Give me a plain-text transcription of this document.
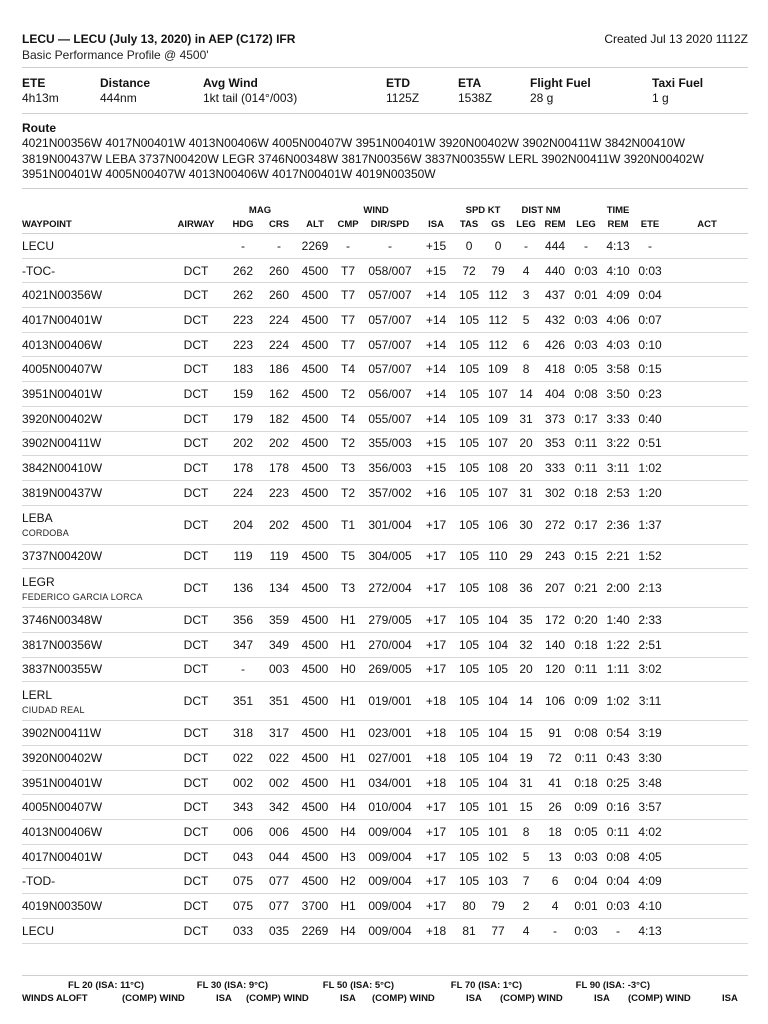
LECU — LECU (July 13, 2020) in AEP (C172) IFR	Created Jul 13 2020 1112Z
Basic Performance Profile @ 4500'
ETE
4h13m
Distance
444nm
Avg Wind
1kt tail (014°/003)
ETD
1125Z
ETA
1538Z
Flight Fuel
28 g
Taxi Fuel
1 g
Route
4021N00356W 4017N00401W 4013N00406W 4005N00407W 3951N00401W 3920N00402W 3902N00411W 3842N00410W 3819N00437W LEBA 3737N00420W LEGR 3746N00348W 3817N00356W 3837N00355W LERL 3902N00411W 3920N00402W 3951N00401W 4005N00407W 4013N00406W 4017N00401W 4019N00350W
		MAG			WIND			SPD KT		DIST NM		TIME			
WAYPOINT	AIRWAY	HDG	CRS	ALT	CMP	DIR/SPD	ISA	TAS	GS	LEG	REM	LEG	REM	ETE	ACT

LECU		-	-	2269	-	-	+15	0	0	-	444	-	4:13	-	

-TOC-	DCT	262	260	4500	T7	058/007	+15	72	79	4	440	0:03	4:10	0:03	

4021N00356W	DCT	262	260	4500	T7	057/007	+14	105	112	3	437	0:01	4:09	0:04	

4017N00401W	DCT	223	224	4500	T7	057/007	+14	105	112	5	432	0:03	4:06	0:07	

4013N00406W	DCT	223	224	4500	T7	057/007	+14	105	112	6	426	0:03	4:03	0:10	

4005N00407W	DCT	183	186	4500	T4	057/007	+14	105	109	8	418	0:05	3:58	0:15	

3951N00401W	DCT	159	162	4500	T2	056/007	+14	105	107	14	404	0:08	3:50	0:23	

3920N00402W	DCT	179	182	4500	T4	055/007	+14	105	109	31	373	0:17	3:33	0:40	

3902N00411W	DCT	202	202	4500	T2	355/003	+15	105	107	20	353	0:11	3:22	0:51	

3842N00410W	DCT	178	178	4500	T3	356/003	+15	105	108	20	333	0:11	3:11	1:02	

3819N00437W	DCT	224	223	4500	T2	357/002	+16	105	107	31	302	0:18	2:53	1:20	

LEBA
CORDOBA	DCT	204	202	4500	T1	301/004	+17	105	106	30	272	0:17	2:36	1:37	

3737N00420W	DCT	119	119	4500	T5	304/005	+17	105	110	29	243	0:15	2:21	1:52	

LEGR
FEDERICO GARCIA LORCA	DCT	136	134	4500	T3	272/004	+17	105	108	36	207	0:21	2:00	2:13	

3746N00348W	DCT	356	359	4500	H1	279/005	+17	105	104	35	172	0:20	1:40	2:33	

3817N00356W	DCT	347	349	4500	H1	270/004	+17	105	104	32	140	0:18	1:22	2:51	

3837N00355W	DCT	-	003	4500	H0	269/005	+17	105	105	20	120	0:11	1:11	3:02	

LERL
CIUDAD REAL	DCT	351	351	4500	H1	019/001	+18	105	104	14	106	0:09	1:02	3:11	

3902N00411W	DCT	318	317	4500	H1	023/001	+18	105	104	15	91	0:08	0:54	3:19	

3920N00402W	DCT	022	022	4500	H1	027/001	+18	105	104	19	72	0:11	0:43	3:30	

3951N00401W	DCT	002	002	4500	H1	034/001	+18	105	104	31	41	0:18	0:25	3:48	

4005N00407W	DCT	343	342	4500	H4	010/004	+17	105	101	15	26	0:09	0:16	3:57	

4013N00406W	DCT	006	006	4500	H4	009/004	+17	105	101	8	18	0:05	0:11	4:02	

4017N00401W	DCT	043	044	4500	H3	009/004	+17	105	102	5	13	0:03	0:08	4:05	

-TOD-	DCT	075	077	4500	H2	009/004	+17	105	103	7	6	0:04	0:04	4:09	

4019N00350W	DCT	075	077	3700	H1	009/004	+17	80	79	2	4	0:01	0:03	4:10	

LECU	DCT	033	035	2269	H4	009/004	+18	81	77	4	-	0:03	-	4:13	
WINDS ALOFT
FL 20 (ISA: 11°C)
(COMP) WIND	ISA
FL 30 (ISA: 9°C)
(COMP) WIND	ISA
FL 50 (ISA: 5°C)
(COMP) WIND	ISA
FL 70 (ISA: 1°C)
(COMP) WIND	ISA
FL 90 (ISA: -3°C)
(COMP) WIND	ISA
